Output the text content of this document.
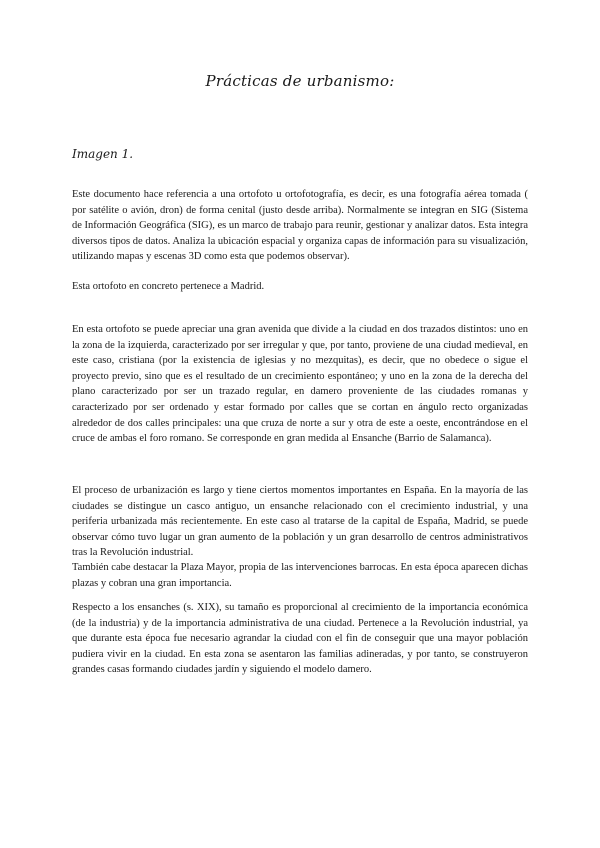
Prácticas de urbanismo:
Imagen 1.

Este documento hace referencia a una ortofoto u ortofotografía, es decir, es una fotografía aérea tomada ( por satélite o avión, dron) de forma cenital (justo desde arriba). Normalmente se integran en SIG (Sistema de Información Geográfica (SIG), es un marco de trabajo para reunir, gestionar y analizar datos. Esta integra diversos tipos de datos. Analiza la ubicación espacial y organiza capas de información para su visualización, utilizando mapas y escenas 3D como esta que podemos observar).

Esta ortofoto en concreto pertenece a Madrid.

En esta ortofoto se puede apreciar una gran avenida que divide a la ciudad en dos trazados distintos: uno en la zona de la izquierda, caracterizado por ser irregular y que, por tanto, proviene de una ciudad medieval, en este caso, cristiana (por la existencia de iglesias y no mezquitas), es decir, que no obedece o sigue el proyecto previo, sino que es el resultado de un crecimiento espontáneo; y uno en la zona de la derecha del plano caracterizado por ser un trazado regular, en damero proveniente de las ciudades romanas y caracterizado por ser ordenado y estar formado por calles que se cortan en ángulo recto organizadas alrededor de dos calles principales: una que cruza de norte a sur y otra de este a oeste, encontrándose en el cruce de ambas el foro romano. Se corresponde en gran medida al Ensanche (Barrio de Salamanca).

El proceso de urbanización es largo y tiene ciertos momentos importantes en España. En la mayoría de las ciudades se distingue un casco antiguo, un ensanche relacionado con el crecimiento industrial, y una periferia urbanizada más recientemente. En este caso al tratarse de la capital de España, Madrid, se puede observar cómo tuvo lugar un gran aumento de la población y un gran desarrollo de centros administrativos tras la Revolución industrial.

También cabe destacar la Plaza Mayor, propia de las intervenciones barrocas. En esta época aparecen dichas plazas y cobran una gran importancia.

Respecto a los ensanches (s. XIX), su tamaño es proporcional al crecimiento de la importancia económica (de la industria) y de la importancia administrativa de una ciudad. Pertenece a la Revolución industrial, ya que durante esta época fue necesario agrandar la ciudad con el fin de conseguir que una mayor población pudiera vivir en la ciudad. En esta zona se asentaron las familias adineradas, y por tanto, se construyeron grandes casas formando ciudades jardín y siguiendo el modelo damero.
